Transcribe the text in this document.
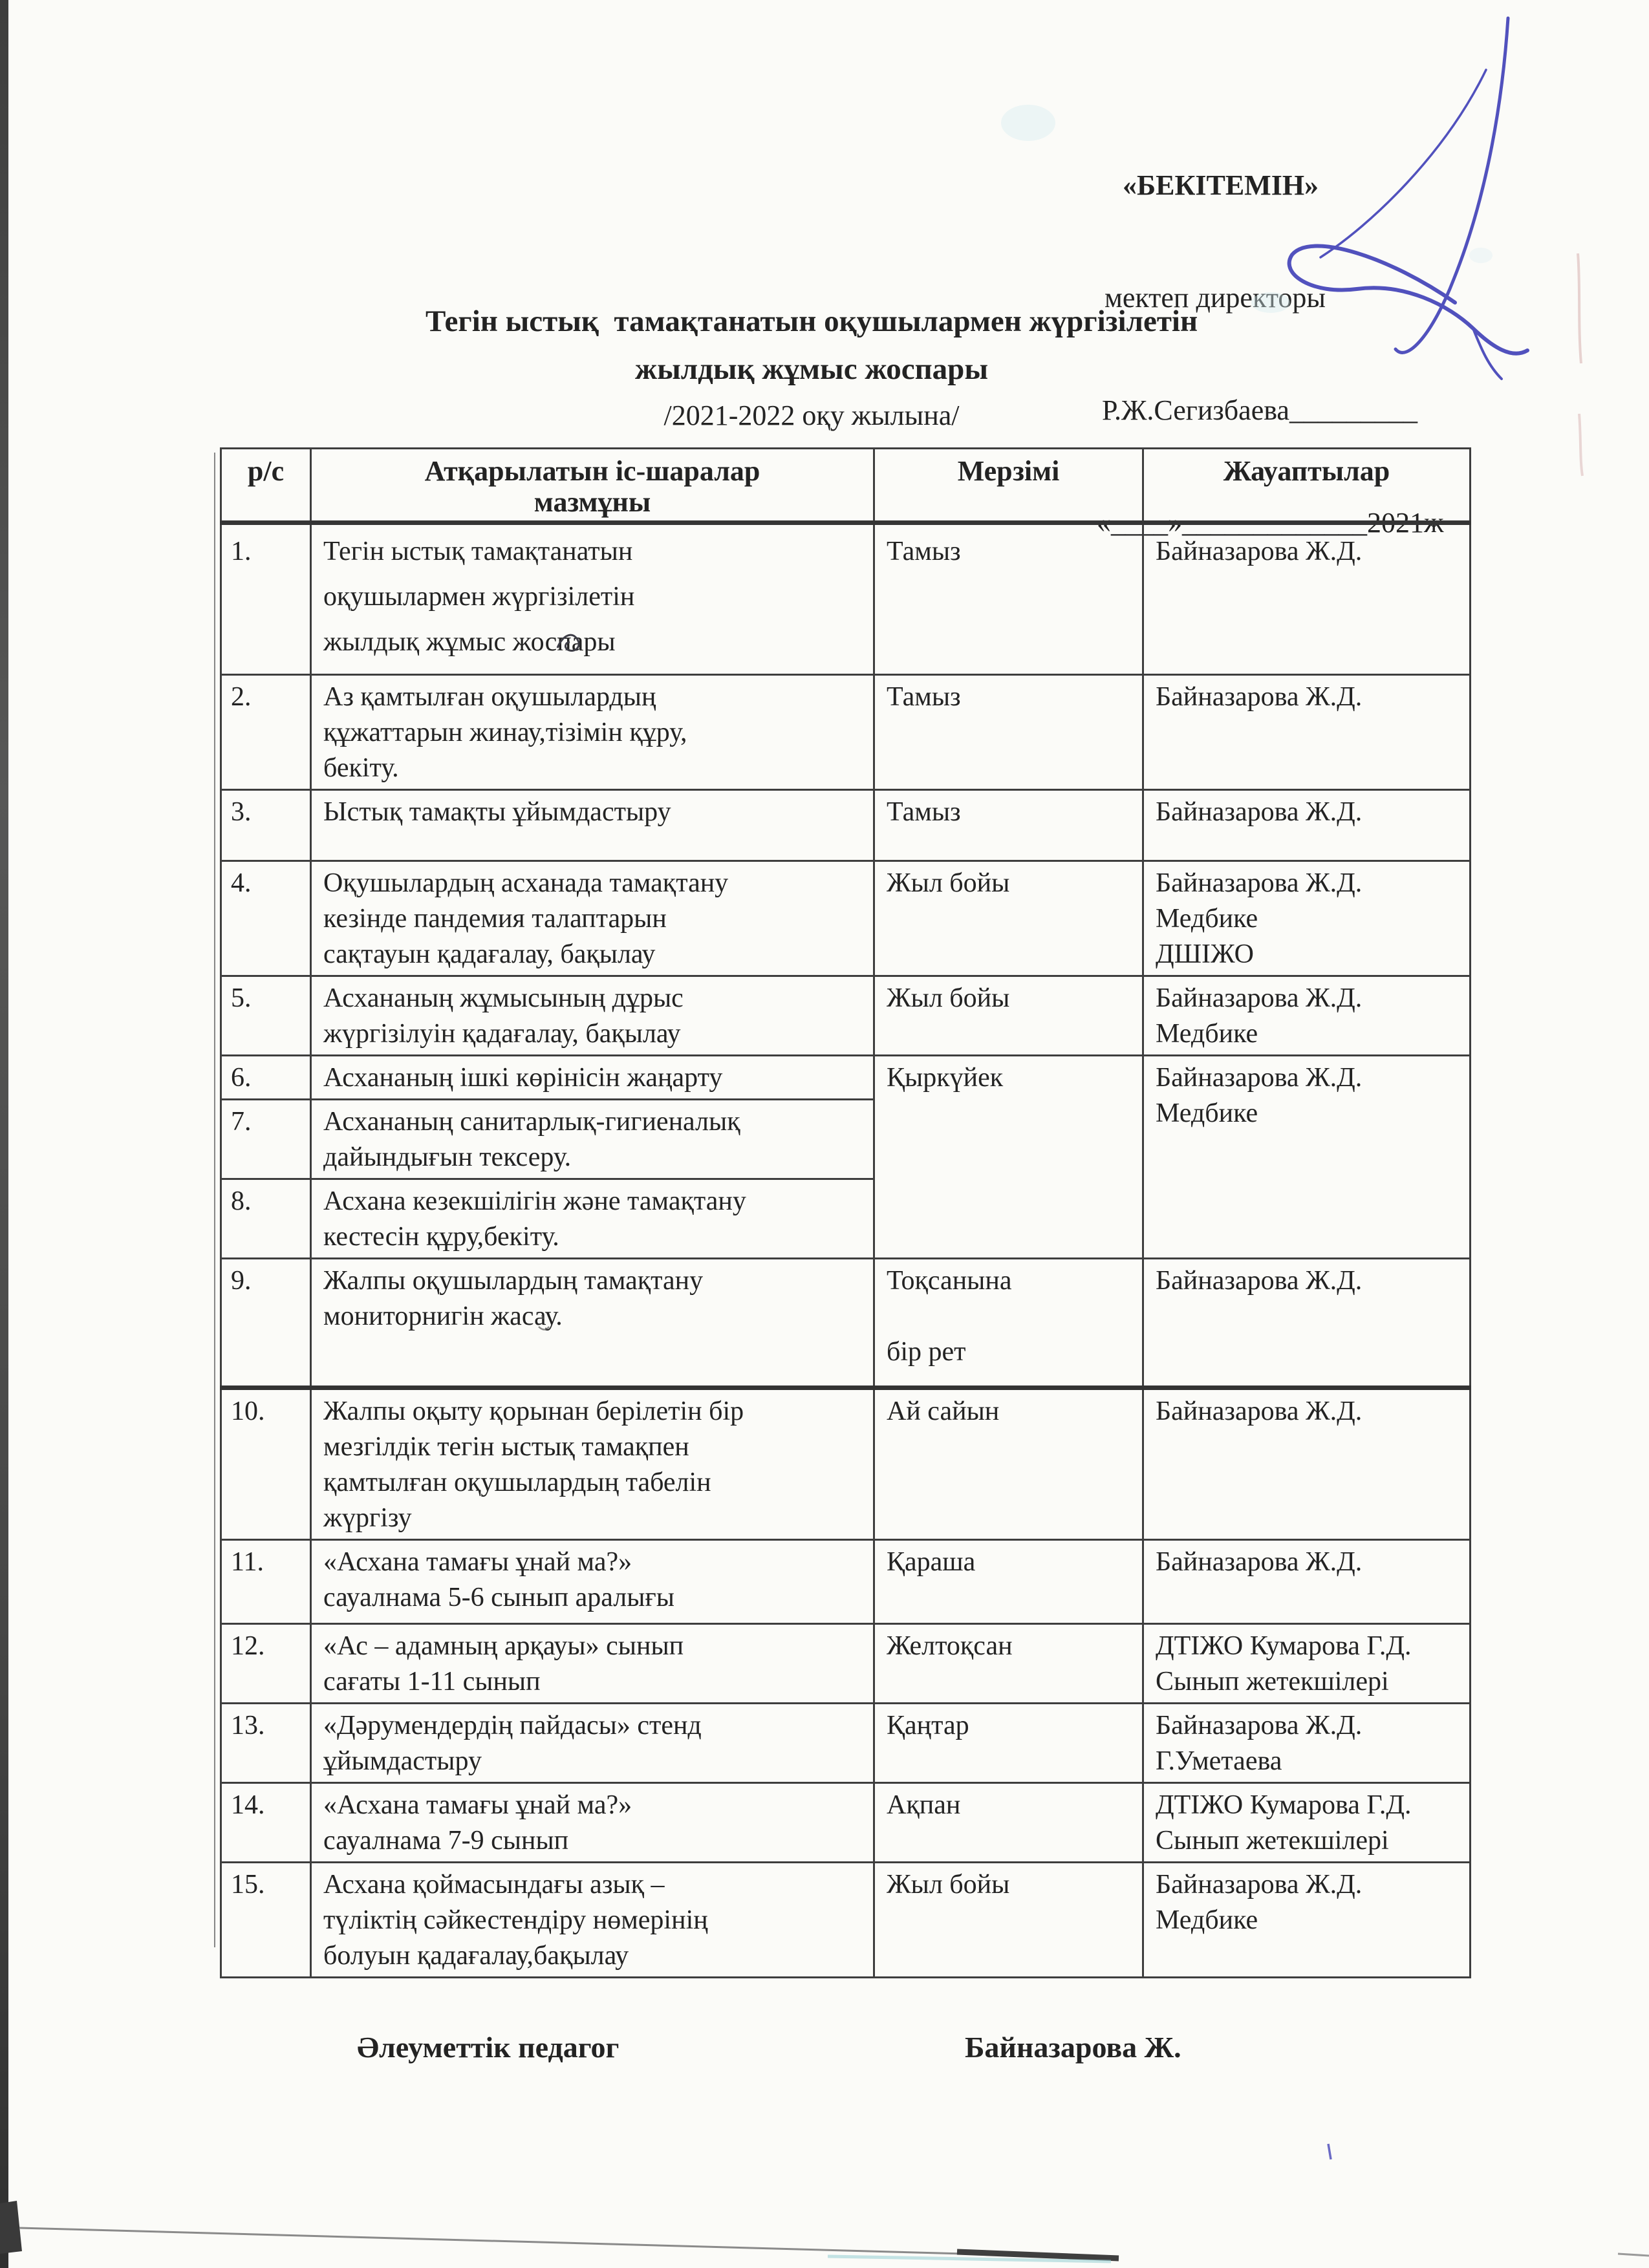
«БЕКІТЕМІН»

мектеп директоры

Р.Ж.Сегизбаева_________

«____»_____________2021ж

Тегін ыстық  тамақтанатын оқушылармен жүргізілетін
жылдық жұмыс жоспары
/2021-2022 оқу жылына/
р/с	Атқарылатын іс-шаралар
мазмұны	Мерзімі	Жауаптылар
1.	Тегін ыстық тамақтанатын
оқушылармен жүргізілетін
жылдық жұмыс жоспары	Тамыз	Байназарова Ж.Д.
2.	Аз қамтылған оқушылардың
құжаттарын жинау,тізімін құру,
бекіту.	Тамыз	Байназарова Ж.Д.
3.	Ыстық тамақты ұйымдастыру	Тамыз	Байназарова Ж.Д.
4.	Оқушылардың асханада тамақтану
кезінде пандемия талаптарын
сақтауын қадағалау, бақылау	Жыл бойы	Байназарова Ж.Д.
Медбике
ДШІЖО
5.	Асхананың жұмысының дұрыс
жүргізілуін қадағалау, бақылау	Жыл бойы	Байназарова Ж.Д.
Медбике
6.	Асхананың ішкі көрінісін жаңарту	Қыркүйек	Байназарова Ж.Д.
Медбике
7.	Асхананың санитарлық-гигиеналық
дайындығын тексеру.		
8.	Асхана кезекшілігін және тамақтану
кестесін құру,бекіту.		
9.	Жалпы оқушылардың тамақтану
мониторнигін жасау.	Тоқсанына

бір рет	Байназарова Ж.Д.
10.	Жалпы оқыту қорынан берілетін бір
мезгілдік тегін ыстық тамақпен
қамтылған оқушылардың табелін
жүргізу	Ай сайын	Байназарова Ж.Д.
11.	«Асхана тамағы ұнай ма?»
сауалнама 5-6 сынып аралығы	Қараша	Байназарова Ж.Д.
12.	«Ас – адамның арқауы» сынып
сағаты 1-11 сынып	Желтоқсан	ДТІЖО Кумарова Г.Д.
Сынып жетекшілері
13.	«Дәрумендердің пайдасы» стенд
ұйымдастыру	Қаңтар	Байназарова Ж.Д.
Г.Уметаева
14.	«Асхана тамағы ұнай ма?»
сауалнама 7-9 сынып	Ақпан	ДТІЖО Кумарова Г.Д.
Сынып жетекшілері
15.	Асхана қоймасындағы азық –
түліктің сәйкестендіру нөмерінің
болуын қадағалау,бақылау	Жыл бойы	Байназарова Ж.Д.
Медбике
Әлеуметтік педагог	Байназарова Ж.
